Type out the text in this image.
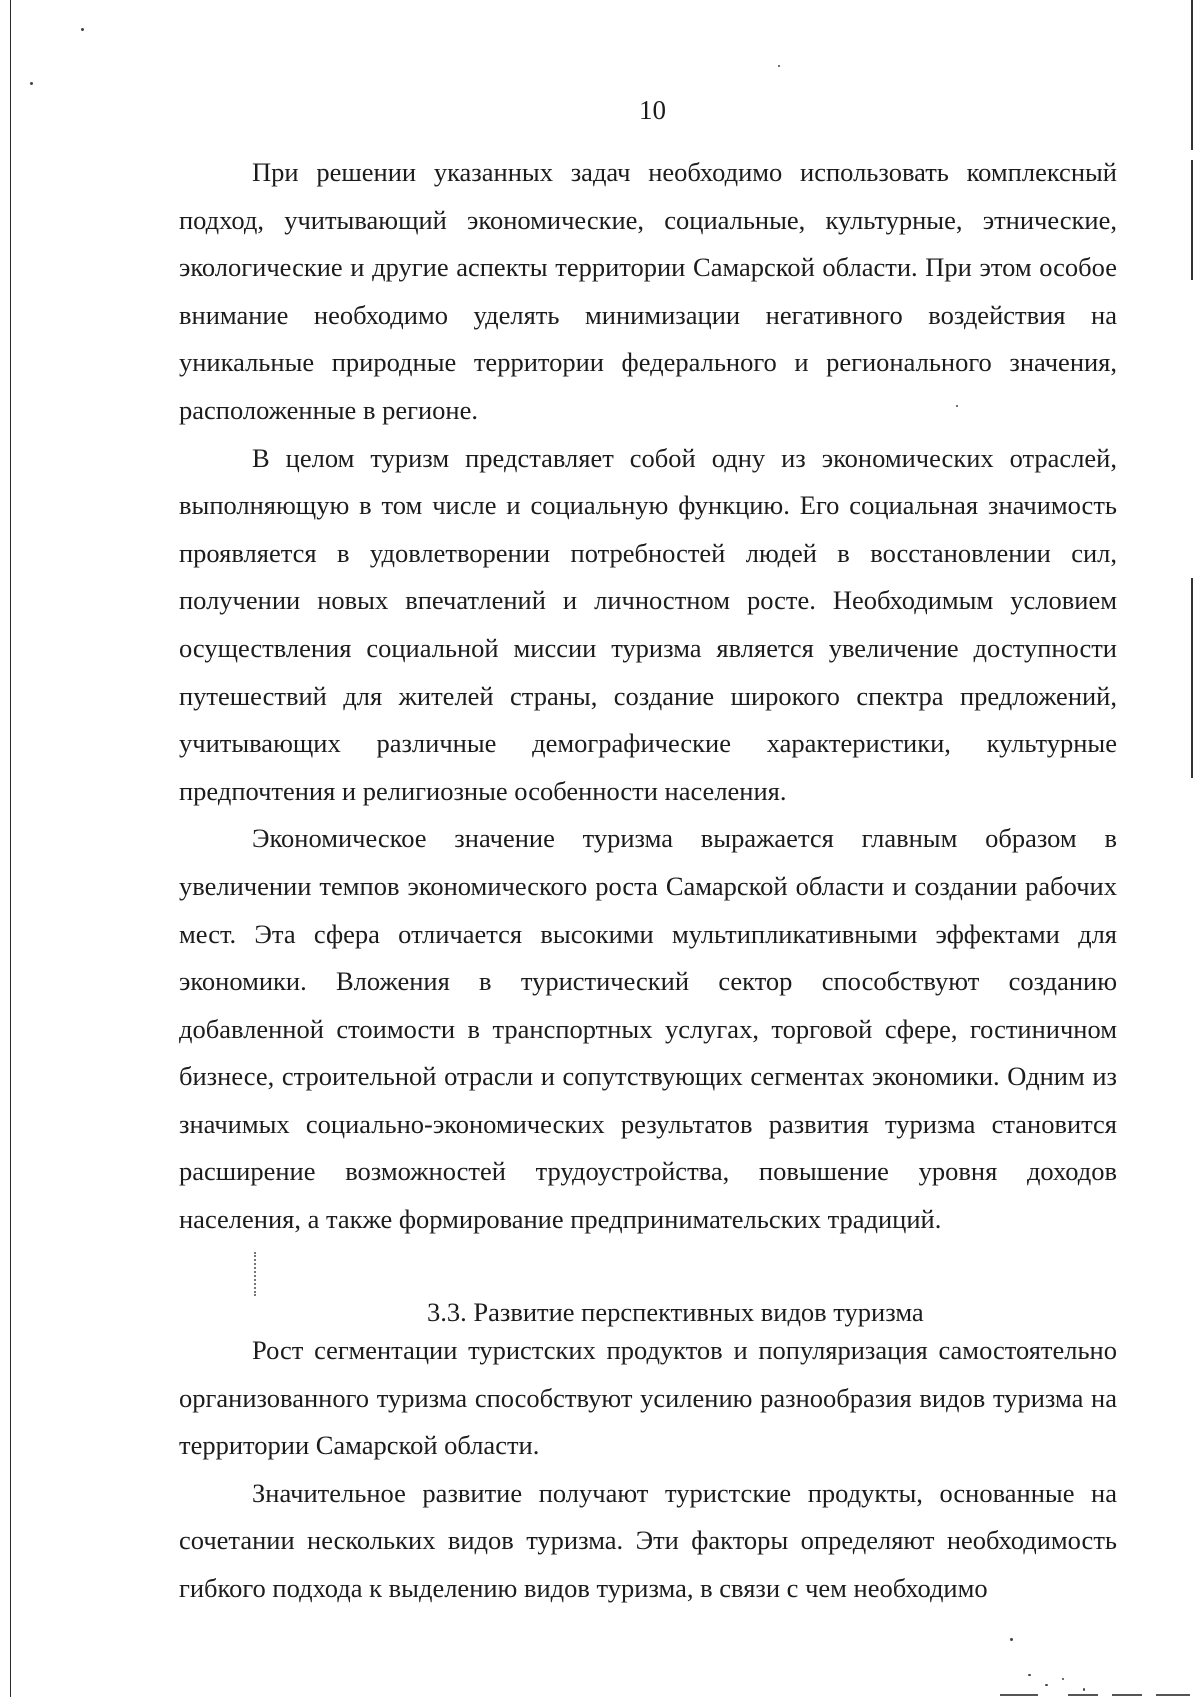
10

При решении указанных задач необходимо использовать комплексный подход, учитывающий экономические, социальные, культурные, этнические, экологические и другие аспекты территории Самарской области. При этом особое внимание необходимо уделять минимизации негативного воздействия на уникальные природные территории федерального и регионального значения, расположенные в регионе.

В целом туризм представляет собой одну из экономических отраслей, выполняющую в том числе и социальную функцию. Его социальная значимость проявляется в удовлетворении потребностей людей в восстановлении сил, получении новых впечатлений и личностном росте. Необходимым условием осуществления социальной миссии туризма является увеличение доступности путешествий для жителей страны, создание широкого спектра предложений, учитывающих различные демографические характеристики, культурные предпочтения и религиозные особенности населения.

Экономическое значение туризма выражается главным образом в увеличении темпов экономического роста Самарской области и создании рабочих мест. Эта сфера отличается высокими мультипликативными эффектами для экономики. Вложения в туристический сектор способствуют созданию добавленной стоимости в транспортных услугах, торговой сфере, гостиничном бизнесе, строительной отрасли и сопутствующих сегментах экономики. Одним из значимых социально-экономических результатов развития туризма становится расширение возможностей трудоустройства, повышение уровня доходов населения, а также формирование предпринимательских традиций.

3.3. Развитие перспективных видов туризма

Рост сегментации туристских продуктов и популяризация самостоятельно организованного туризма способствуют усилению разнообразия видов туризма на территории Самарской области.

Значительное развитие получают туристские продукты, основанные на сочетании нескольких видов туризма. Эти факторы определяют необходимость гибкого подхода к выделению видов туризма, в связи с чем необходимо
